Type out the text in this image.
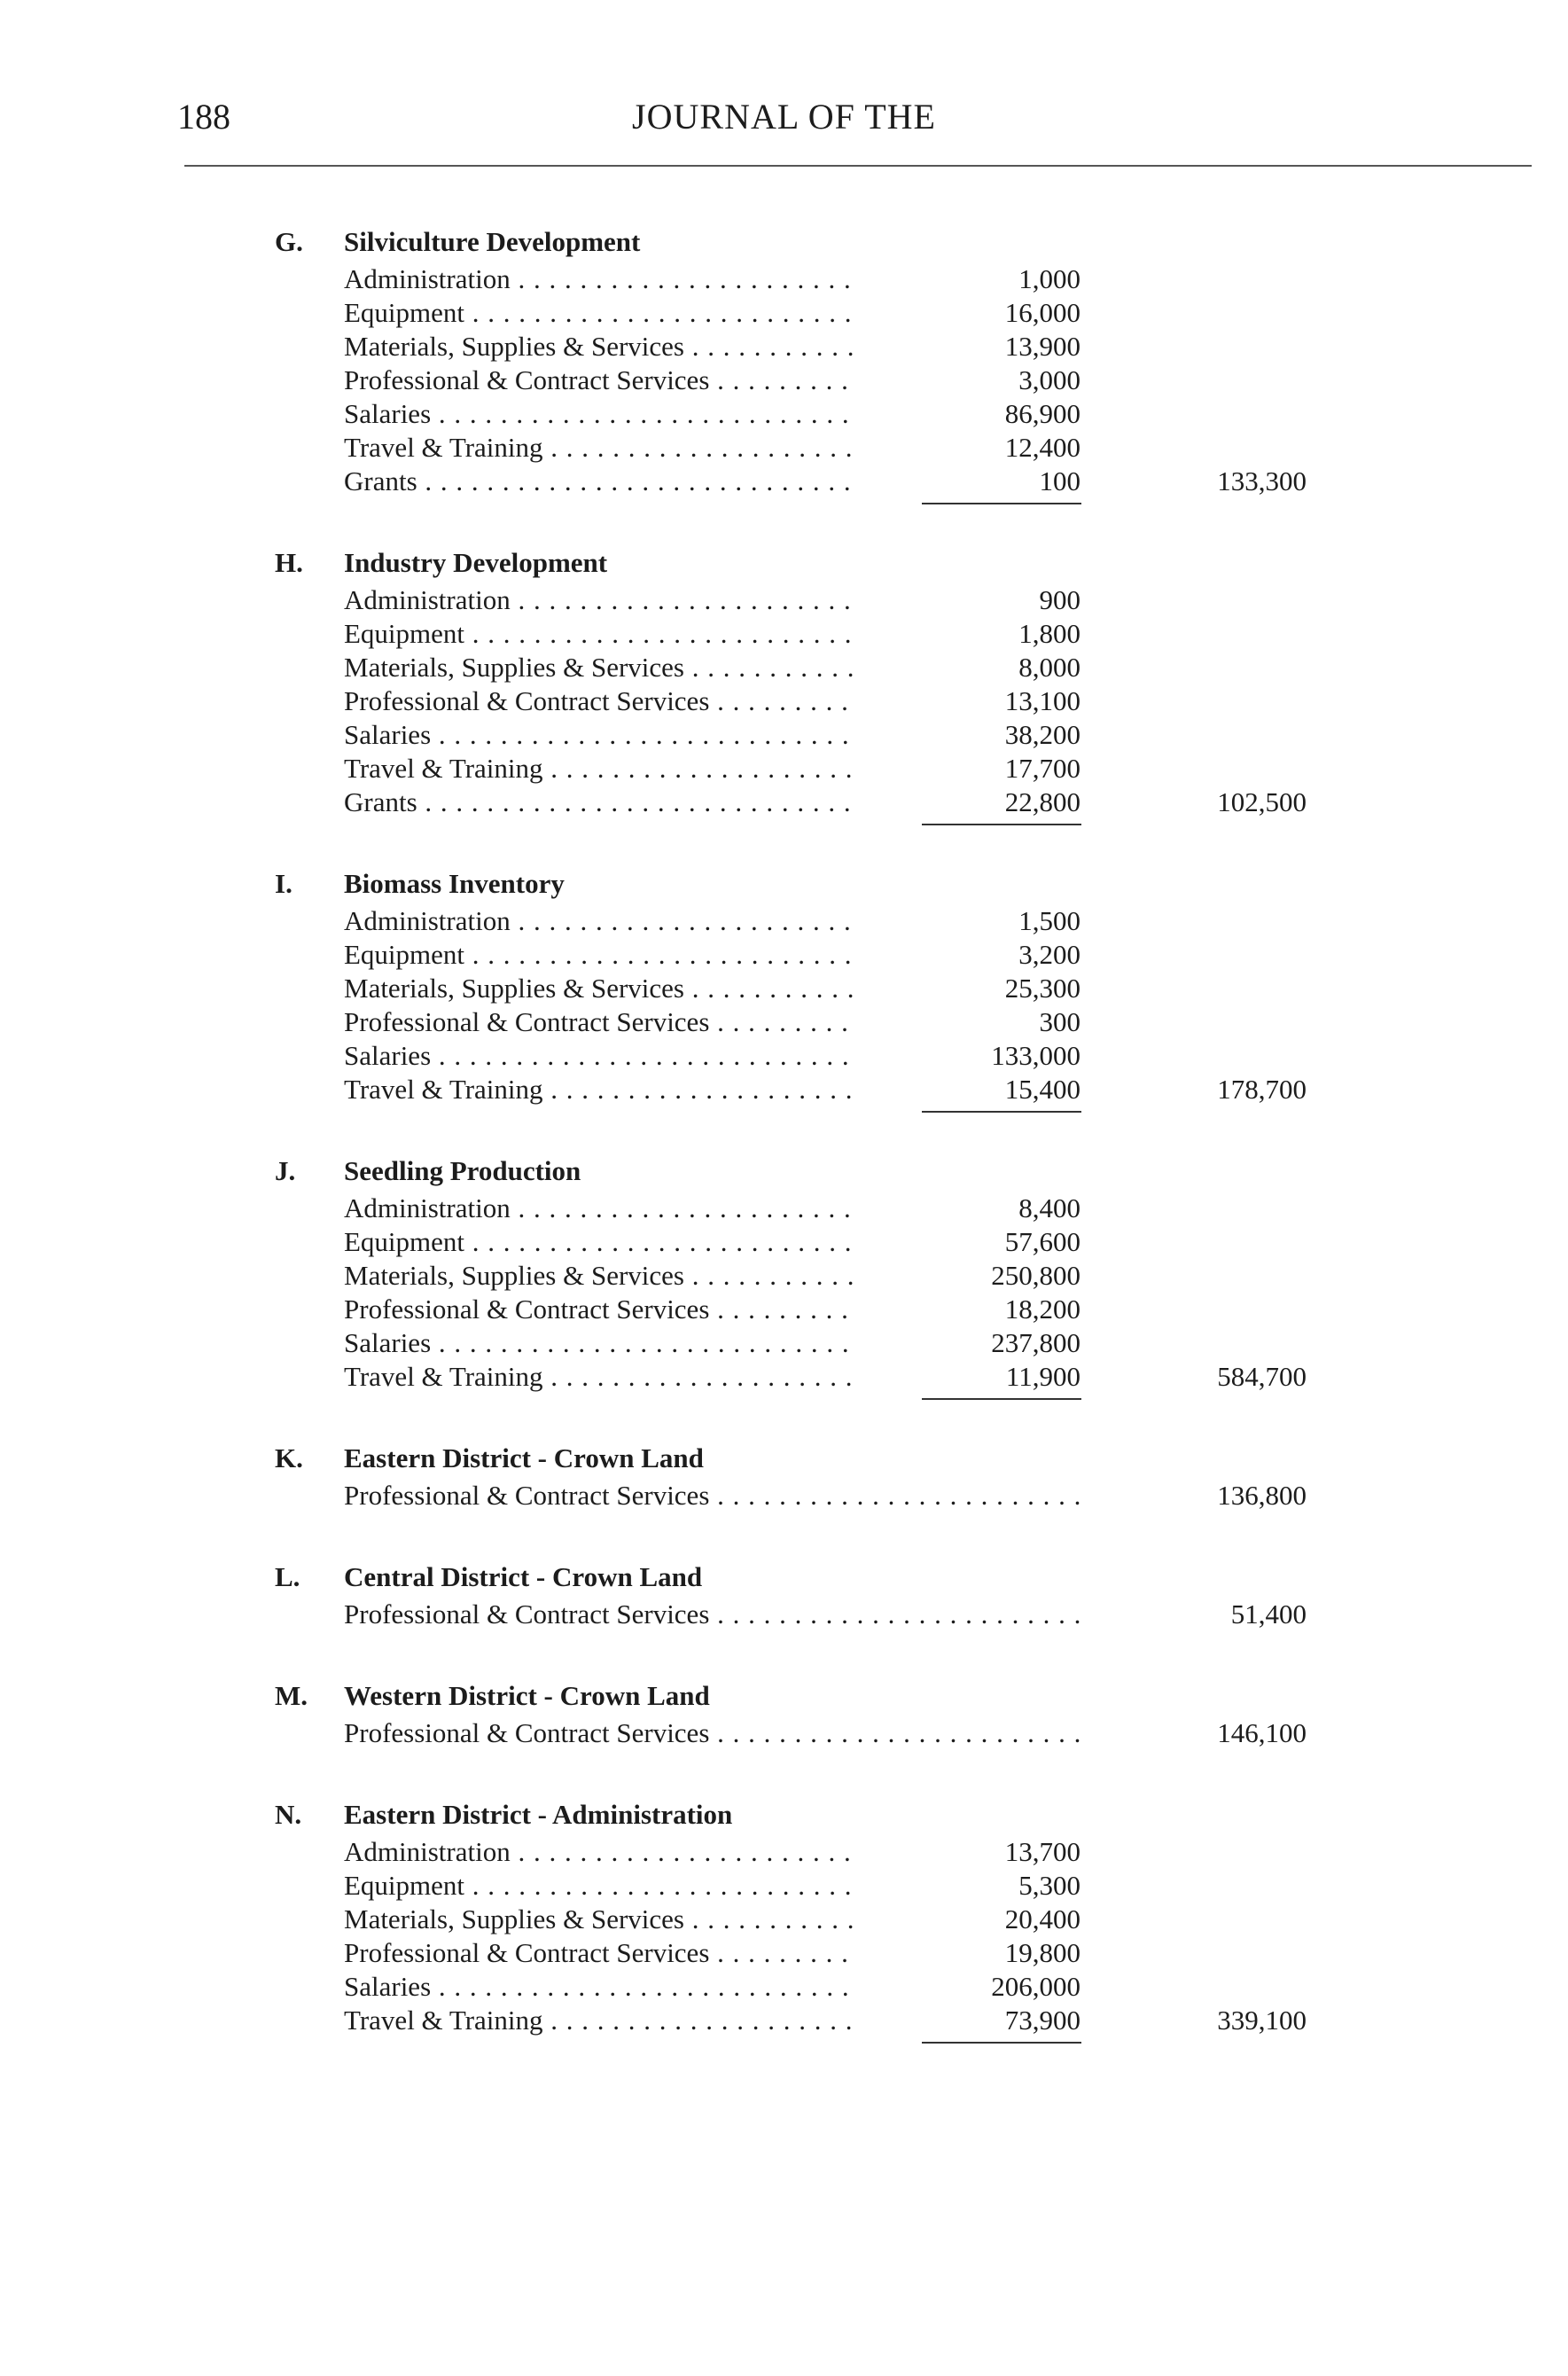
188	JOURNAL OF THE
G. Silviculture Development
Administration . . .	1,000
Equipment . . .	16,000
Materials, Supplies & Services . . .	13,900
Professional & Contract Services . . .	3,000
Salaries . . .	86,900
Travel & Training . . .	12,400
Grants . . .	100	133,300
H. Industry Development
Administration . . .	900
Equipment . . .	1,800
Materials, Supplies & Services . . .	8,000
Professional & Contract Services . . .	13,100
Salaries . . .	38,200
Travel & Training . . .	17,700
Grants . . .	22,800	102,500
I. Biomass Inventory
Administration . . .	1,500
Equipment . . .	3,200
Materials, Supplies & Services . . .	25,300
Professional & Contract Services . . .	300
Salaries . . .	133,000
Travel & Training . . .	15,400	178,700
J. Seedling Production
Administration . . .	8,400
Equipment . . .	57,600
Materials, Supplies & Services . . .	250,800
Professional & Contract Services . . .	18,200
Salaries . . .	237,800
Travel & Training . . .	11,900	584,700
K. Eastern District - Crown Land
Professional & Contract Services . . .	136,800
L. Central District - Crown Land
Professional & Contract Services . . .	51,400
M. Western District - Crown Land
Professional & Contract Services . . .	146,100
N. Eastern District - Administration
Administration . . .	13,700
Equipment . . .	5,300
Materials, Supplies & Services . . .	20,400
Professional & Contract Services . . .	19,800
Salaries . . .	206,000
Travel & Training . . .	73,900	339,100
